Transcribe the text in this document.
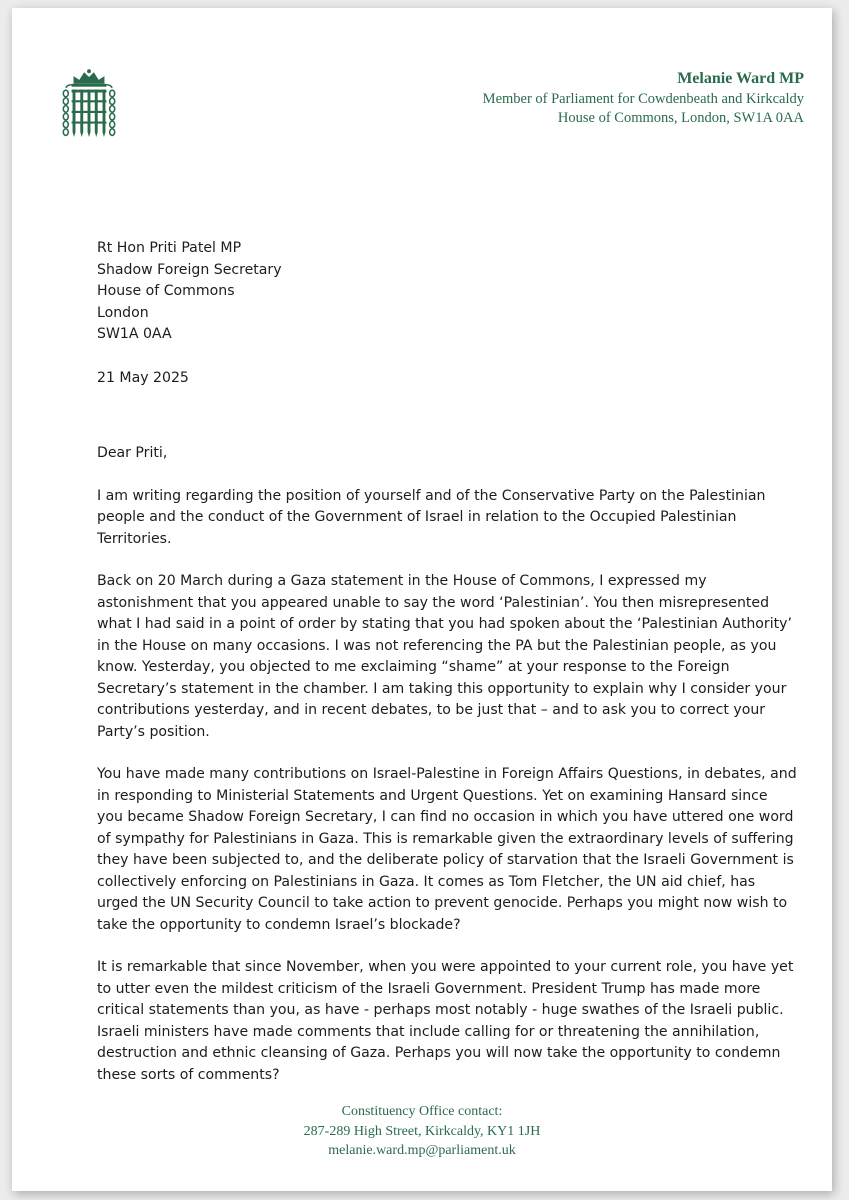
Melanie Ward MP
Member of Parliament for Cowdenbeath and Kirkcaldy
House of Commons, London, SW1A 0AA
Rt Hon Priti Patel MP
Shadow Foreign Secretary
House of Commons
London
SW1A 0AA
21 May 2025
Dear Priti,
I am writing regarding the position of yourself and of the Conservative Party on the Palestinian people and the conduct of the Government of Israel in relation to the Occupied Palestinian Territories.
Back on 20 March during a Gaza statement in the House of Commons, I expressed my astonishment that you appeared unable to say the word ‘Palestinian’. You then misrepresented what I had said in a point of order by stating that you had spoken about the ‘Palestinian Authority’ in the House on many occasions. I was not referencing the PA but the Palestinian people, as you know. Yesterday, you objected to me exclaiming “shame” at your response to the Foreign Secretary’s statement in the chamber. I am taking this opportunity to explain why I consider your contributions yesterday, and in recent debates, to be just that – and to ask you to correct your Party’s position.
You have made many contributions on Israel-Palestine in Foreign Affairs Questions, in debates, and in responding to Ministerial Statements and Urgent Questions. Yet on examining Hansard since you became Shadow Foreign Secretary, I can find no occasion in which you have uttered one word of sympathy for Palestinians in Gaza. This is remarkable given the extraordinary levels of suffering they have been subjected to, and the deliberate policy of starvation that the Israeli Government is collectively enforcing on Palestinians in Gaza. It comes as Tom Fletcher, the UN aid chief, has urged the UN Security Council to take action to prevent genocide. Perhaps you might now wish to take the opportunity to condemn Israel’s blockade?
It is remarkable that since November, when you were appointed to your current role, you have yet to utter even the mildest criticism of the Israeli Government. President Trump has made more critical statements than you, as have - perhaps most notably - huge swathes of the Israeli public. Israeli ministers have made comments that include calling for or threatening the annihilation, destruction and ethnic cleansing of Gaza. Perhaps you will now take the opportunity to condemn these sorts of comments?
Constituency Office contact:
287-289 High Street, Kirkcaldy, KY1 1JH
melanie.ward.mp@parliament.uk
